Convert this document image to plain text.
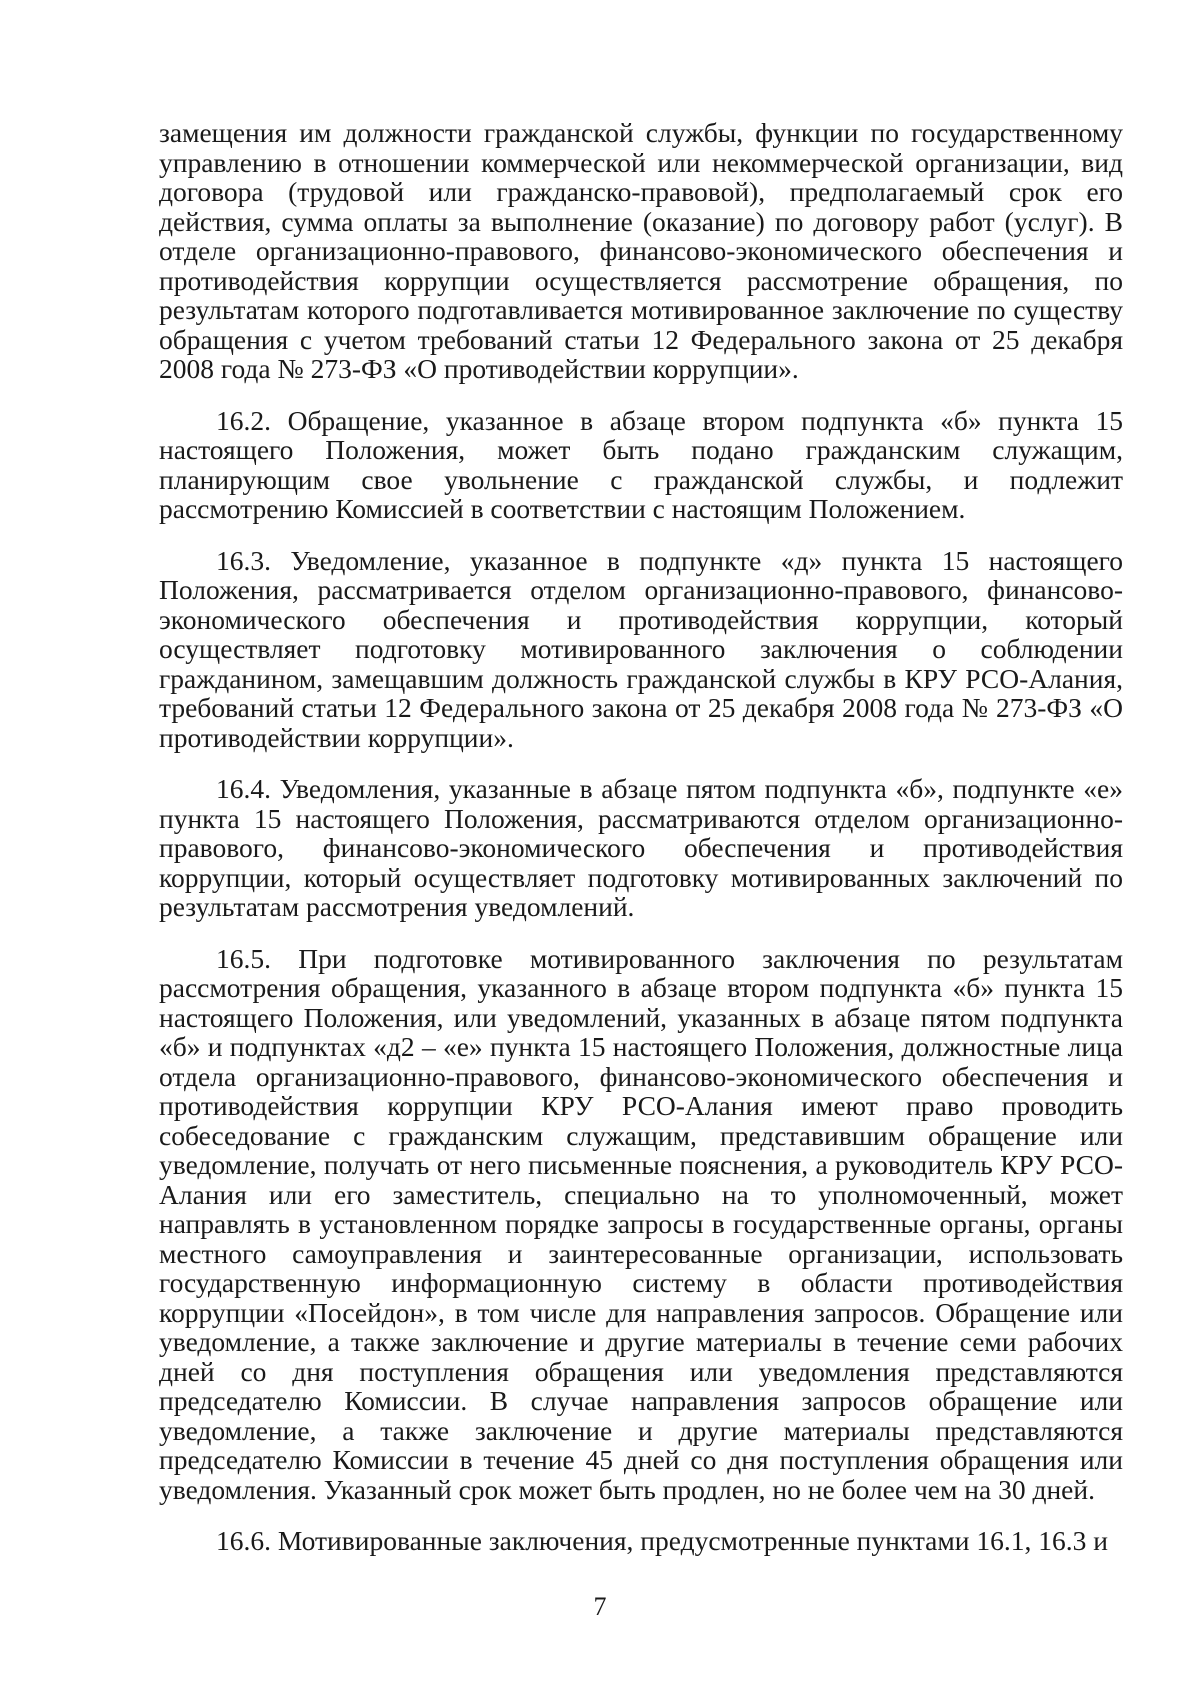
замещения им должности гражданской службы, функции по государственному управлению в отношении коммерческой или некоммерческой организации, вид договора (трудовой или гражданско-правовой), предполагаемый срок его действия, сумма оплаты за выполнение (оказание) по договору работ (услуг). В отделе организационно-правового, финансово-экономического обеспечения и противодействия коррупции осуществляется рассмотрение обращения, по результатам которого подготавливается мотивированное заключение по существу обращения с учетом требований статьи 12 Федерального закона от 25 декабря 2008 года № 273-ФЗ «О противодействии коррупции».

16.2. Обращение, указанное в абзаце втором подпункта «б» пункта 15 настоящего Положения, может быть подано гражданским служащим, планирующим свое увольнение с гражданской службы, и подлежит рассмотрению Комиссией в соответствии с настоящим Положением.

16.3. Уведомление, указанное в подпункте «д» пункта 15 настоящего Положения, рассматривается отделом организационно-правового, финансово-экономического обеспечения и противодействия коррупции, который осуществляет подготовку мотивированного заключения о соблюдении гражданином, замещавшим должность гражданской службы в КРУ РСО-Алания, требований статьи 12 Федерального закона от 25 декабря 2008 года № 273-ФЗ «О противодействии коррупции».

16.4. Уведомления, указанные в абзаце пятом подпункта «б», подпункте «е» пункта 15 настоящего Положения, рассматриваются отделом организационно-правового, финансово-экономического обеспечения и противодействия коррупции, который осуществляет подготовку мотивированных заключений по результатам рассмотрения уведомлений.

16.5. При подготовке мотивированного заключения по результатам рассмотрения обращения, указанного в абзаце втором подпункта «б» пункта 15 настоящего Положения, или уведомлений, указанных в абзаце пятом подпункта «б» и подпунктах «д2 – «е» пункта 15 настоящего Положения, должностные лица отдела организационно-правового, финансово-экономического обеспечения и противодействия коррупции КРУ РСО-Алания имеют право проводить собеседование с гражданским служащим, представившим обращение или уведомление, получать от него письменные пояснения, а руководитель КРУ РСО-Алания или его заместитель, специально на то уполномоченный, может направлять в установленном порядке запросы в государственные органы, органы местного самоуправления и заинтересованные организации, использовать государственную информационную систему в области противодействия коррупции «Посейдон», в том числе для направления запросов. Обращение или уведомление, а также заключение и другие материалы в течение семи рабочих дней со дня поступления обращения или уведомления представляются председателю Комиссии. В случае направления запросов обращение или уведомление, а также заключение и другие материалы представляются председателю Комиссии в течение 45 дней со дня поступления обращения или уведомления. Указанный срок может быть продлен, но не более чем на 30 дней.

16.6. Мотивированные заключения, предусмотренные пунктами 16.1, 16.3 и

7
